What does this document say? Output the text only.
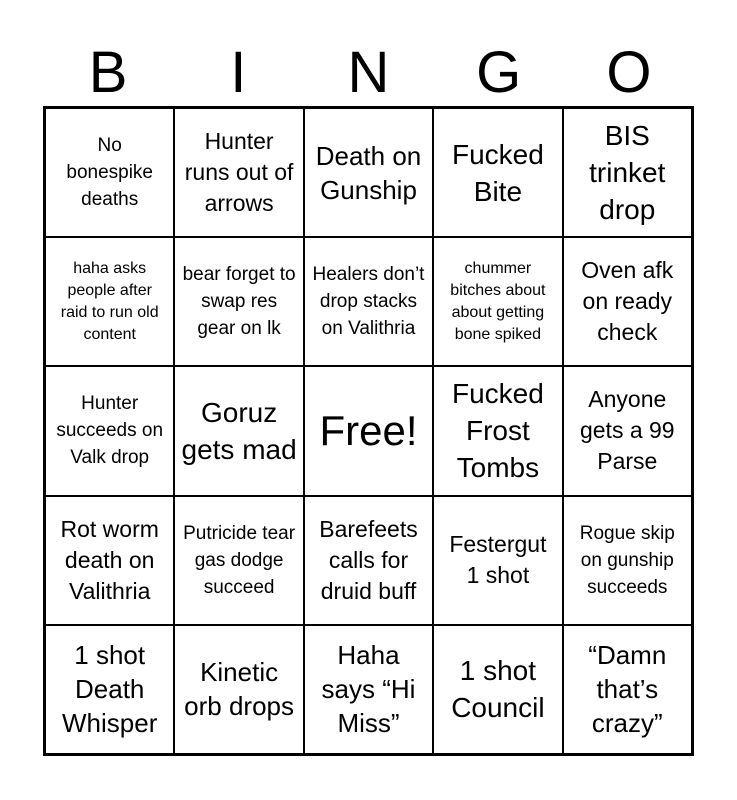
B	I	N	G	O
No bonespike deaths
Hunter runs out of arrows
Death on Gunship
Fucked Bite
BIS trinket drop
haha asks people after raid to run old content
bear forget to swap res gear on lk
Healers don’t drop stacks on Valithria
chummer bitches about about getting bone spiked
Oven afk on ready check
Hunter succeeds on Valk drop
Goruz gets mad Free!
Fucked Frost Tombs
Anyone gets a 99 Parse
Rot worm death on Valithria
Putricide tear gas dodge succeed
Barefeets calls for druid buff
Festergut 1 shot
Rogue skip on gunship succeeds
1 shot Death Whisper
Kinetic orb drops
Haha says “Hi Miss”
1 shot Council
“Damn that’s crazy”
